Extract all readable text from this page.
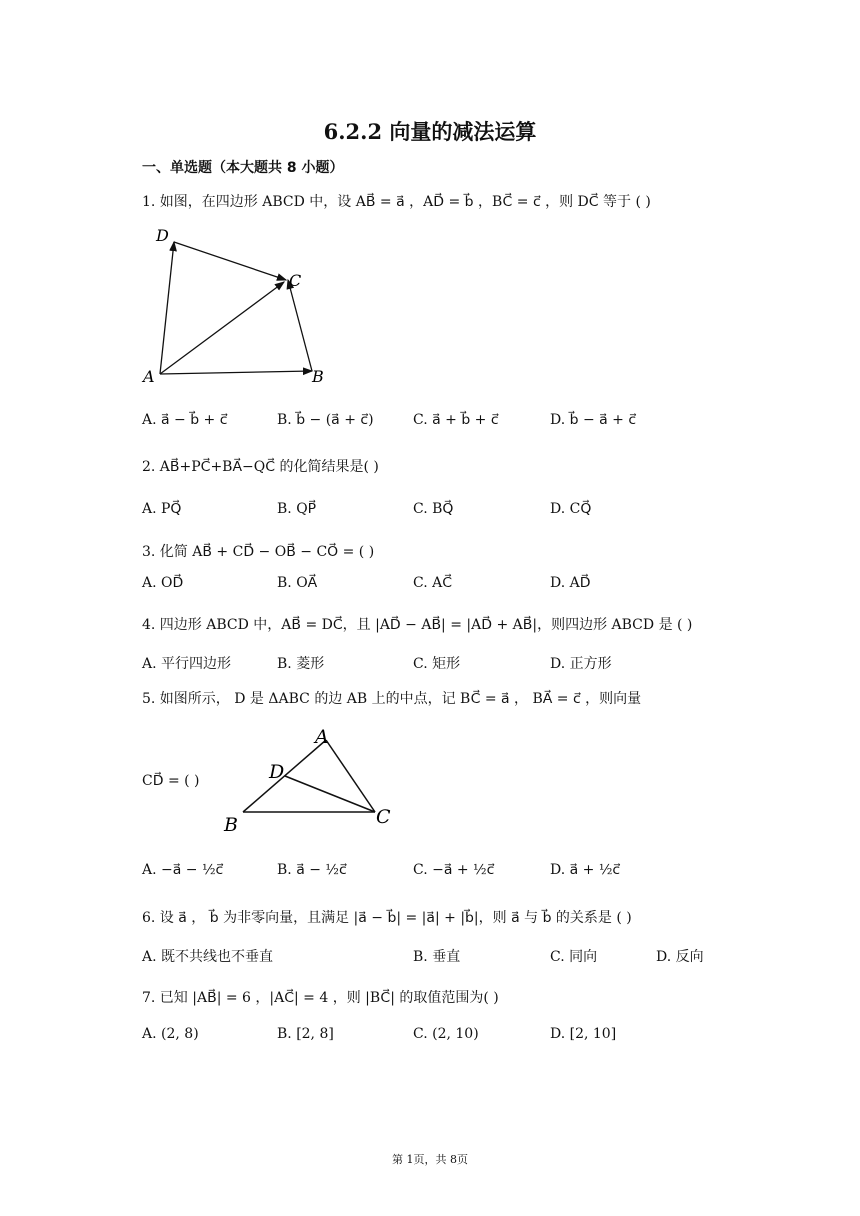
6.2.2 向量的减法运算
一、单选题（本大题共 8 小题）
1. 如图，在四边形 ABCD 中，设 AB⃗ = a⃗ ，AD⃗ = b⃗ ，BC⃗ = c⃗ ，则 DC⃗ 等于 ( )
D
C
A	B
A. a⃗ − b⃗ + c⃗	B. b⃗ − (a⃗ + c⃗)	C. a⃗ + b⃗ + c⃗	D. b⃗ − a⃗ + c⃗
2. AB⃗+PC⃗+BA⃗−QC⃗ 的化简结果是( )
A. PQ⃗	B. QP⃗	C. BQ⃗	D. CQ⃗
3. 化简 AB⃗ + CD⃗ − OB⃗ − CO⃗ = ( )
A. OD⃗	B. OA⃗	C. AC⃗	D. AD⃗
4. 四边形 ABCD 中，AB⃗ = DC⃗，且 |AD⃗ − AB⃗| = |AD⃗ + AB⃗|，则四边形 ABCD 是 ( )
A. 平行四边形	B. 菱形	C. 矩形	D. 正方形
5. 如图所示， D 是 ΔABC 的边 AB 上的中点，记 BC⃗ = a⃗ ， BA⃗ = c⃗ ，则向量
CD⃗ = ( )
A
D
B	C
A. −a⃗ − ½c⃗	B. a⃗ − ½c⃗	C. −a⃗ + ½c⃗	D. a⃗ + ½c⃗
6. 设 a⃗ ， b⃗ 为非零向量，且满足 |a⃗ − b⃗| = |a⃗| + |b⃗|，则 a⃗ 与 b⃗ 的关系是 ( )
A. 既不共线也不垂直	B. 垂直	C. 同向	D. 反向
7. 已知 |AB⃗| = 6 ，|AC⃗| = 4 ，则 |BC⃗| 的取值范围为( )
A. (2, 8)	B. [2, 8]	C. (2, 10)	D. [2, 10]
第 1页，共 8页
